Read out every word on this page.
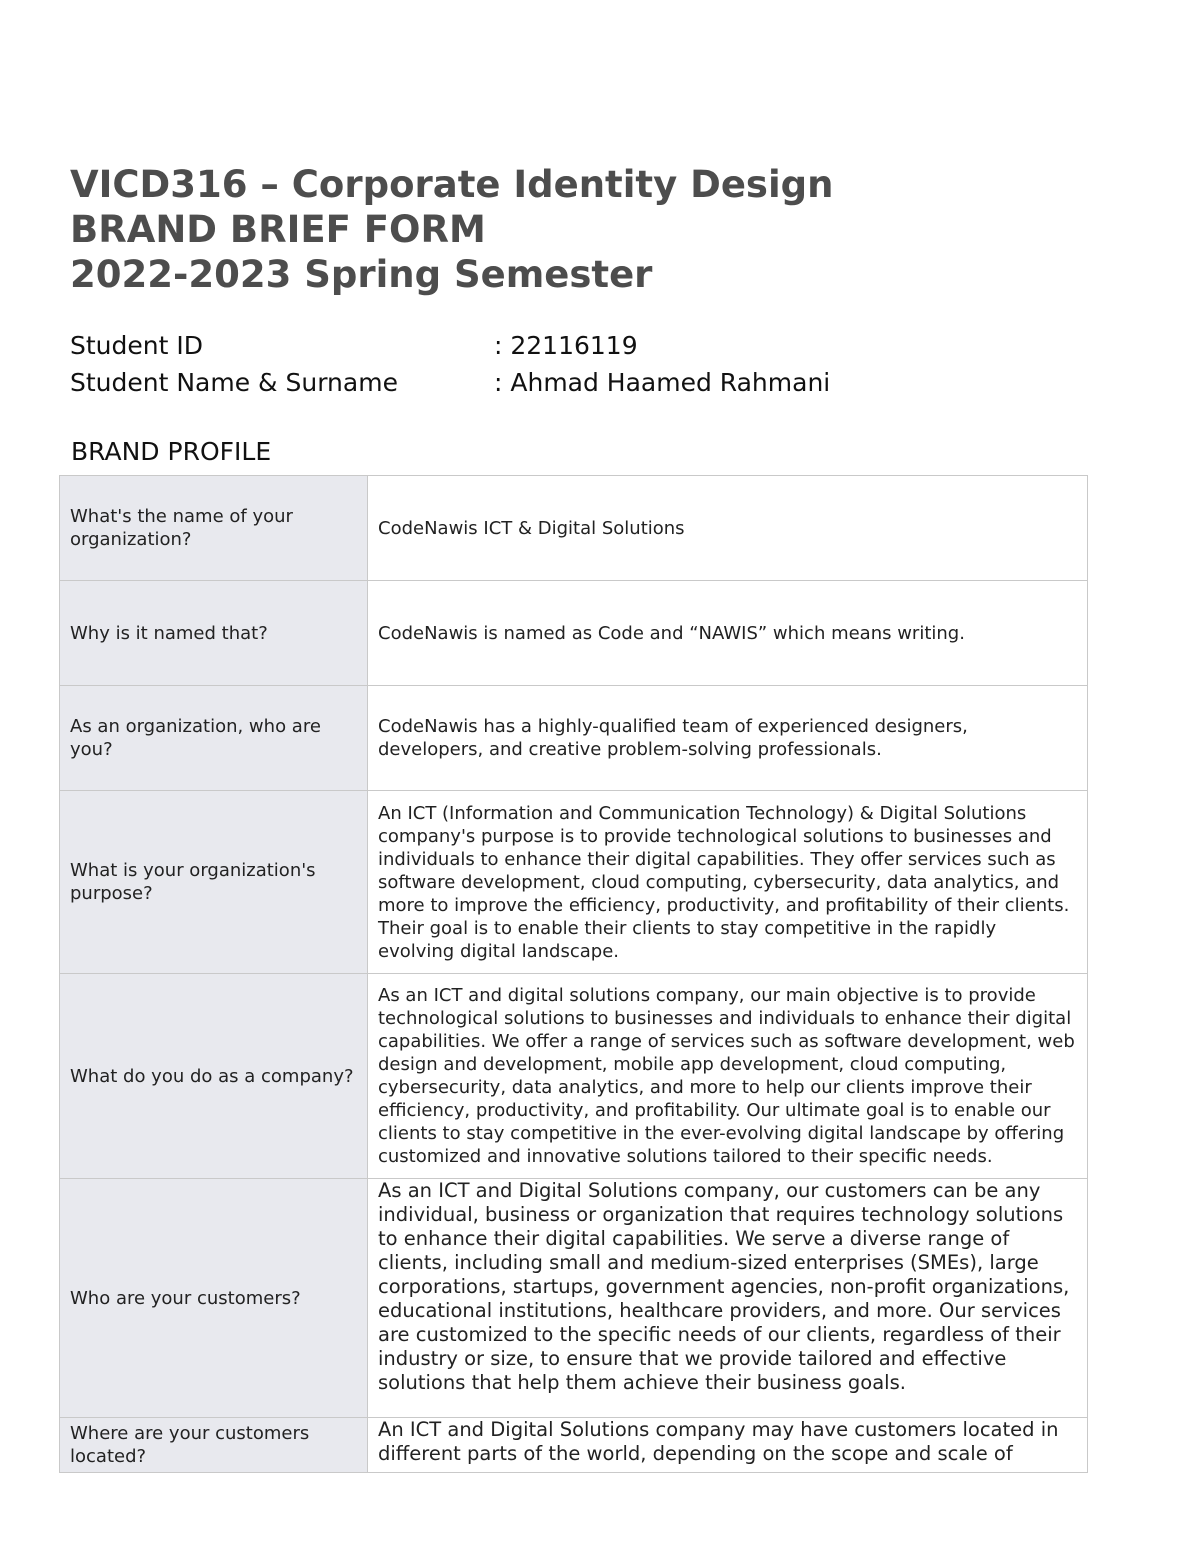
VICD316 – Corporate Identity Design
BRAND BRIEF FORM
2022-2023 Spring Semester
Student ID	: 22116119
Student Name & Surname	: Ahmad Haamed Rahmani
BRAND PROFILE
What's the name of your organization?	CodeNawis ICT & Digital Solutions
Why is it named that?	CodeNawis is named as Code and “NAWIS” which means writing.
As an organization, who are you?	CodeNawis has a highly-qualified team of experienced designers, developers, and creative problem-solving professionals.
What is your organization's purpose?	An ICT (Information and Communication Technology) & Digital Solutions company's purpose is to provide technological solutions to businesses and individuals to enhance their digital capabilities. They offer services such as software development, cloud computing, cybersecurity, data analytics, and more to improve the efficiency, productivity, and profitability of their clients. Their goal is to enable their clients to stay competitive in the rapidly evolving digital landscape.
What do you do as a company?	As an ICT and digital solutions company, our main objective is to provide technological solutions to businesses and individuals to enhance their digital capabilities. We offer a range of services such as software development, web design and development, mobile app development, cloud computing, cybersecurity, data analytics, and more to help our clients improve their efficiency, productivity, and profitability. Our ultimate goal is to enable our clients to stay competitive in the ever-evolving digital landscape by offering customized and innovative solutions tailored to their specific needs.
Who are your customers?	As an ICT and Digital Solutions company, our customers can be any individual, business or organization that requires technology solutions to enhance their digital capabilities. We serve a diverse range of clients, including small and medium-sized enterprises (SMEs), large corporations, startups, government agencies, non-profit organizations, educational institutions, healthcare providers, and more. Our services are customized to the specific needs of our clients, regardless of their industry or size, to ensure that we provide tailored and effective solutions that help them achieve their business goals.
Where are your customers located?	An ICT and Digital Solutions company may have customers located in different parts of the world, depending on the scope and scale of
